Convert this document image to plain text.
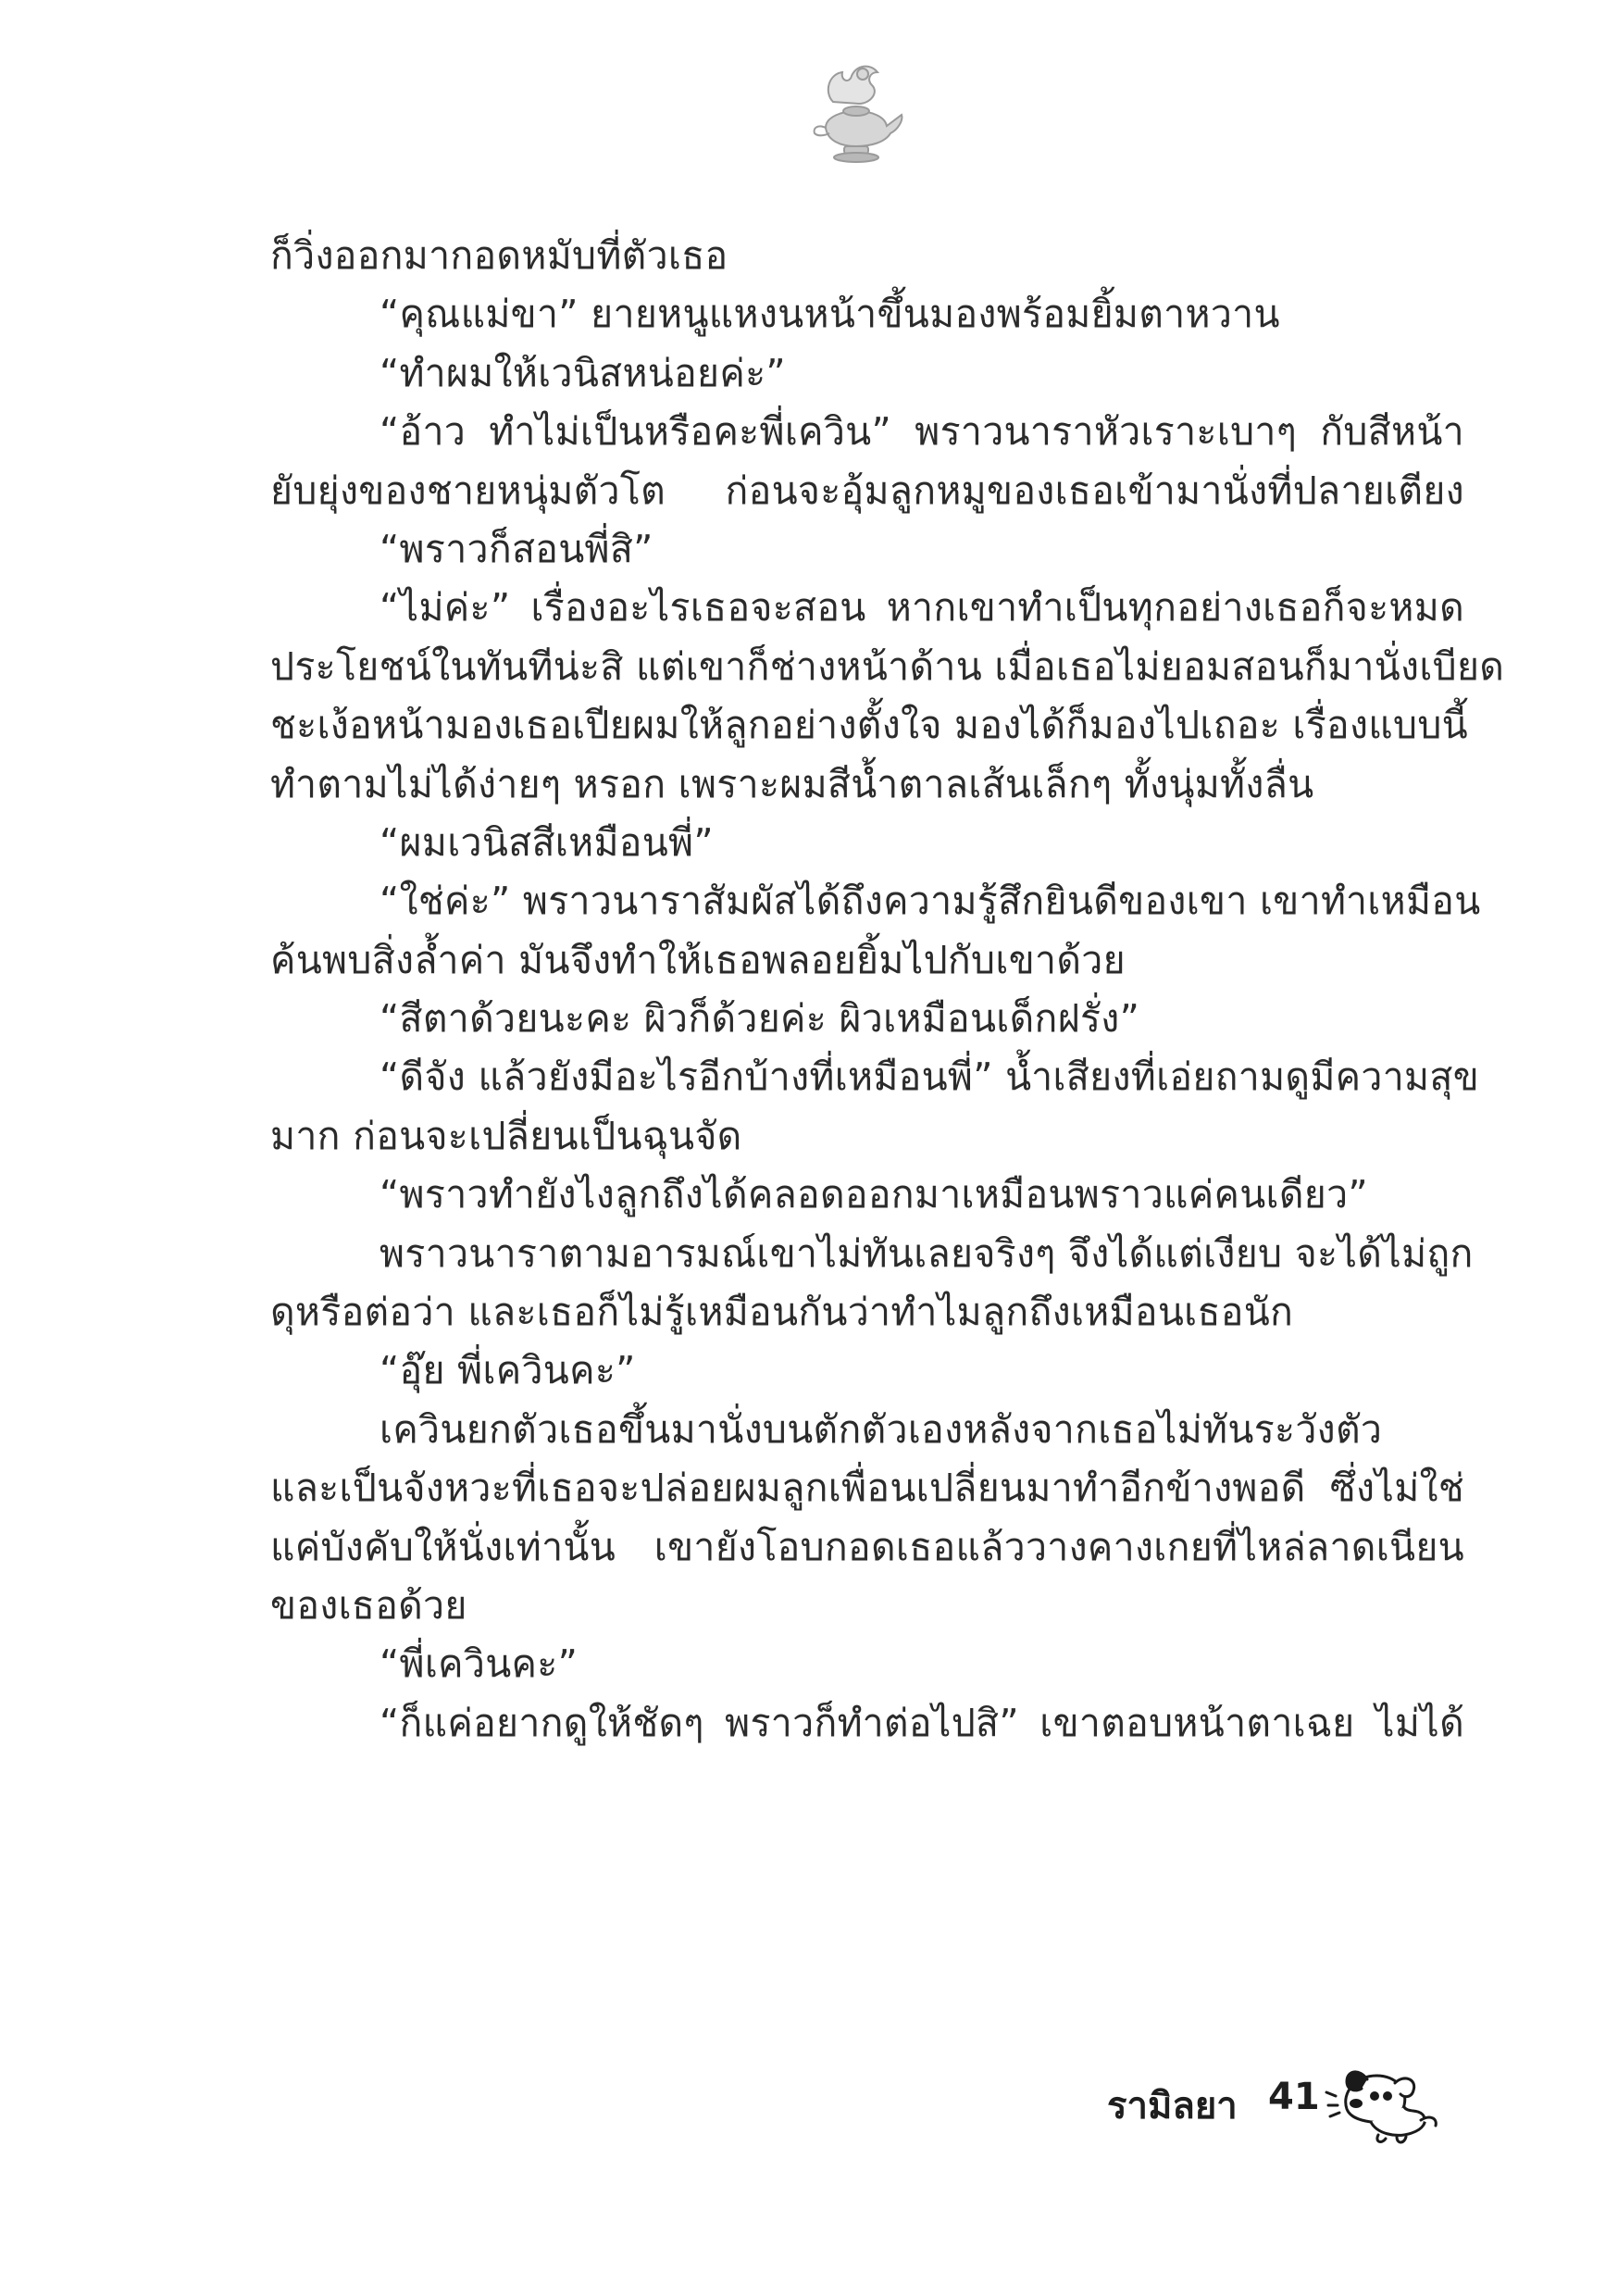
ก็วิ่งออกมากอดหมับที่ตัวเธอ
“คุณแม่ขา” ยายหนูแหงนหน้าขึ้นมองพร้อมยิ้มตาหวาน
“ทำผมให้เวนิสหน่อยค่ะ”
“อ้าว ทำไม่เป็นหรือคะพี่เควิน” พราวนาราหัวเราะเบาๆ กับสีหน้า
ยับยุ่งของชายหนุ่มตัวโต ก่อนจะอุ้มลูกหมูของเธอเข้ามานั่งที่ปลายเตียง
“พราวก็สอนพี่สิ”
“ไม่ค่ะ” เรื่องอะไรเธอจะสอน หากเขาทำเป็นทุกอย่างเธอก็จะหมด
ประโยชน์ในทันทีน่ะสิ แต่เขาก็ช่างหน้าด้าน เมื่อเธอไม่ยอมสอนก็มานั่งเบียด
ชะเง้อหน้ามองเธอเปียผมให้ลูกอย่างตั้งใจ มองได้ก็มองไปเถอะ เรื่องแบบนี้
ทำตามไม่ได้ง่ายๆ หรอก เพราะผมสีน้ำตาลเส้นเล็กๆ ทั้งนุ่มทั้งลื่น
“ผมเวนิสสีเหมือนพี่”
“ใช่ค่ะ” พราวนาราสัมผัสได้ถึงความรู้สึกยินดีของเขา เขาทำเหมือน
ค้นพบสิ่งล้ำค่า มันจึงทำให้เธอพลอยยิ้มไปกับเขาด้วย
“สีตาด้วยนะคะ ผิวก็ด้วยค่ะ ผิวเหมือนเด็กฝรั่ง”
“ดีจัง แล้วยังมีอะไรอีกบ้างที่เหมือนพี่” น้ำเสียงที่เอ่ยถามดูมีความสุข
มาก ก่อนจะเปลี่ยนเป็นฉุนจัด
“พราวทำยังไงลูกถึงได้คลอดออกมาเหมือนพราวแค่คนเดียว”
พราวนาราตามอารมณ์เขาไม่ทันเลยจริงๆ จึงได้แต่เงียบ จะได้ไม่ถูก
ดุหรือต่อว่า และเธอก็ไม่รู้เหมือนกันว่าทำไมลูกถึงเหมือนเธอนัก
“อุ๊ย พี่เควินคะ”
เควินยกตัวเธอขึ้นมานั่งบนตักตัวเองหลังจากเธอไม่ทันระวังตัว
และเป็นจังหวะที่เธอจะปล่อยผมลูกเพื่อนเปลี่ยนมาทำอีกข้างพอดี ซึ่งไม่ใช่
แค่บังคับให้นั่งเท่านั้น เขายังโอบกอดเธอแล้ววางคางเกยที่ไหล่ลาดเนียน
ของเธอด้วย
“พี่เควินคะ”
“ก็แค่อยากดูให้ชัดๆ พราวก็ทำต่อไปสิ” เขาตอบหน้าตาเฉย ไม่ได้
รามิลยา 41
